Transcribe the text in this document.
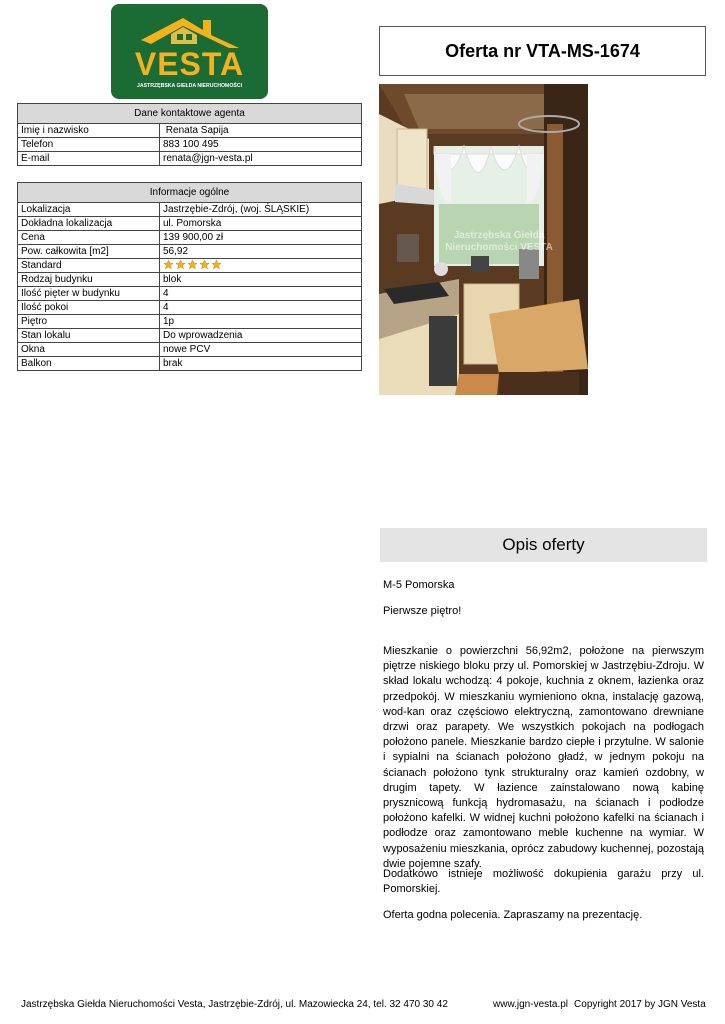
VESTA
JASTRZĘBSKA GIEŁDA NIERUCHOMOŚCI
Oferta nr VTA-MS-1674
Dane kontaktowe agenta	
Imię i nazwisko	Renata Sapija
Telefon	883 100 495
E-mail	renata@jgn-vesta.pl
Informacje ogólne	
Lokalizacja	Jastrzębie-Zdrój, (woj. ŚLĄSKIE)
Dokładna lokalizacja	ul. Pomorska
Cena	139 900,00 zł
Pow. całkowita [m2]	56,92
Standard	

Rodzaj budynku	blok
Ilość pięter w budynku	4
Ilość pokoi	4
Piętro	1p
Stan lokalu	Do wprowadzenia
Okna	nowe PCV
Balkon	brak
Jastrzębska Giełda Nieruchomości VESTA
Opis oferty
M-5 Pomorska
Pierwsze piętro!
Mieszkanie o powierzchni 56,92m2, położone na pierwszym piętrze niskiego bloku przy ul. Pomorskiej w Jastrzębiu-Zdroju. W skład lokalu wchodzą: 4 pokoje, kuchnia z oknem, łazienka oraz przedpokój. W mieszkaniu wymieniono okna, instalację gazową, wod-kan oraz częściowo elektryczną, zamontowano drewniane drzwi oraz parapety. We wszystkich pokojach na podłogach położono panele. Mieszkanie bardzo ciepłe i przytulne. W salonie i sypialni na ścianach położono gładź, w jednym pokoju na ścianach położono tynk strukturalny oraz kamień ozdobny, w drugim tapety. W łazience zainstalowano nową kabinę prysznicową funkcją hydromasażu, na ścianach i podłodze położono kafelki. W widnej kuchni położono kafelki na ścianach i podłodze oraz zamontowano meble kuchenne na wymiar. W wyposażeniu mieszkania, oprócz zabudowy kuchennej, pozostają dwie pojemne szafy.
Dodatkowo istnieje możliwość dokupienia garażu przy ul. Pomorskiej.
Oferta godna polecenia. Zapraszamy na prezentację.
Jastrzębska Giełda Nieruchomości Vesta, Jastrzębie-Zdrój, ul. Mazowiecka 24, tel. 32 470 30 42	www.jgn-vesta.pl Copyright 2017 by JGN Vesta
